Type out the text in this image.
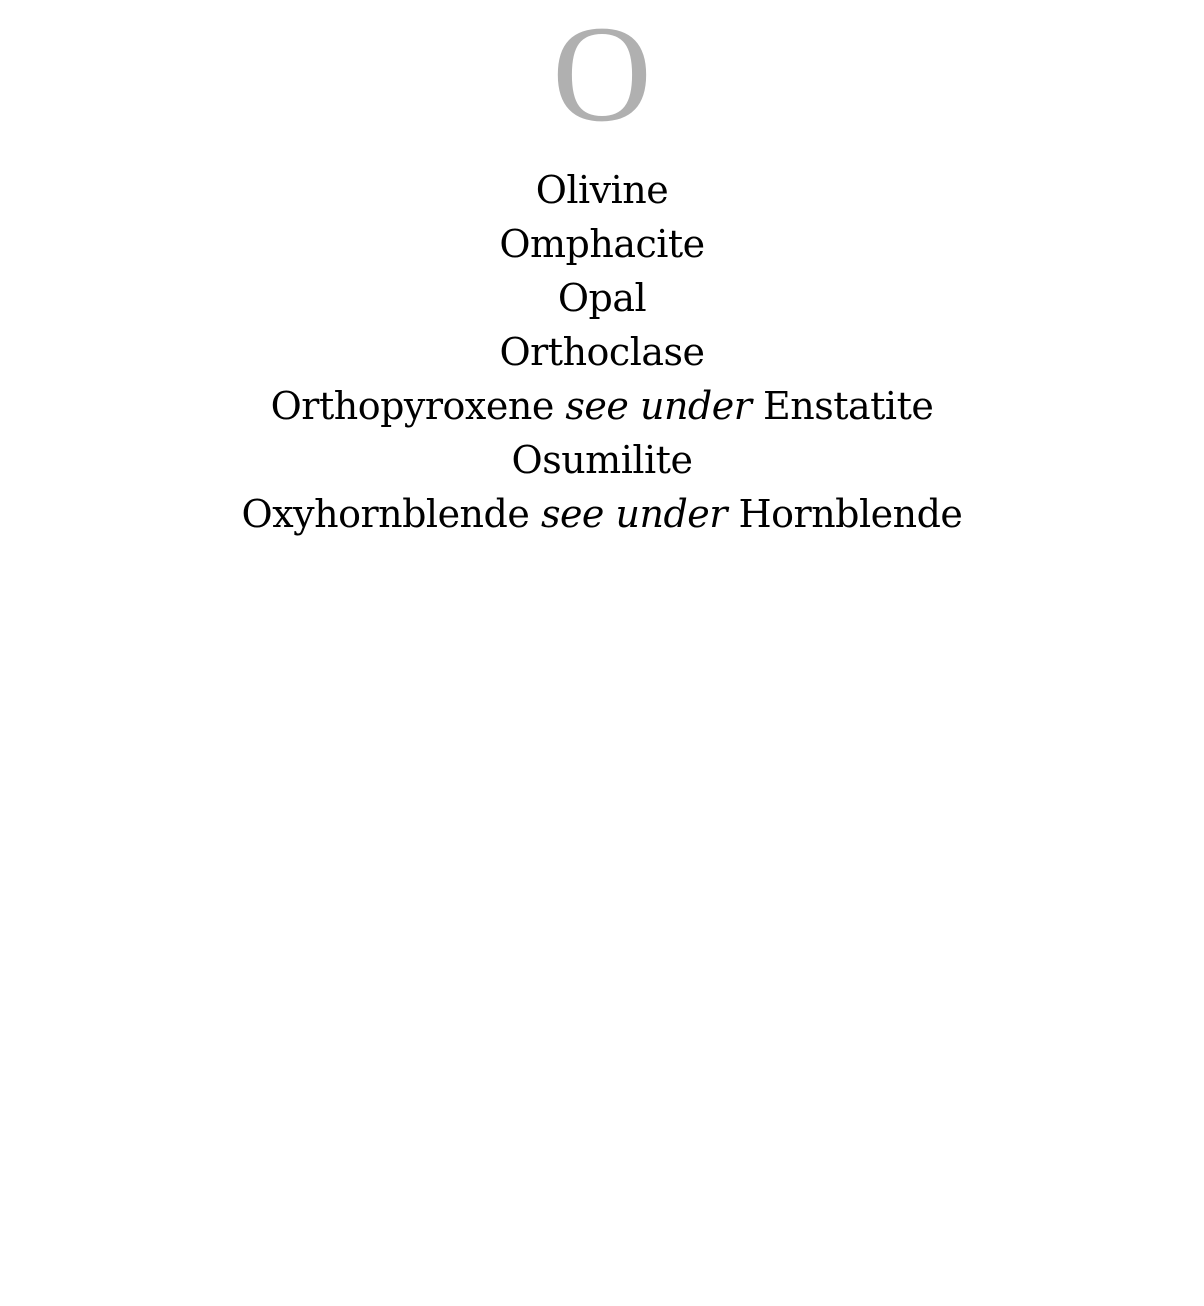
O
Olivine
Omphacite
Opal
Orthoclase
Orthopyroxene see under Enstatite
Osumilite
Oxyhornblende see under Hornblende
